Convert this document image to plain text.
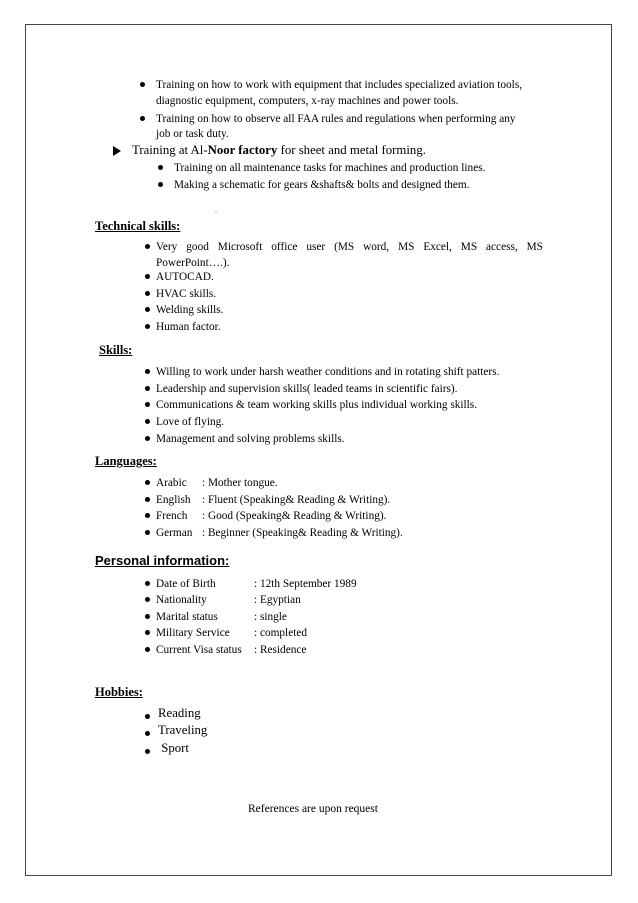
Training on how to work with equipment that includes specialized aviation tools,
diagnostic equipment, computers, x-ray machines and power tools.
Training on how to observe all FAA rules and regulations when performing any
job or task duty.
Training at Al-Noor factory for sheet and metal forming.
Training on all maintenance tasks for machines and production lines.
Making a schematic for gears &shafts& bolts and designed them.
.
Technical skills:
Very good Microsoft office user (MS word, MS Excel, MS access, MS
PowerPoint….).
AUTOCAD.
HVAC skills.
Welding skills.
Human factor.
Skills:
Willing to work under harsh weather conditions and in rotating shift patters.
Leadership and supervision skills( leaded teams in scientific fairs).
Communications & team working skills plus individual working skills.
Love of flying.
Management and solving problems skills.
Languages:
Arabic : Mother tongue.
English : Fluent (Speaking& Reading & Writing).
French : Good (Speaking& Reading & Writing).
German : Beginner (Speaking& Reading & Writing).
Personal information:
Date of Birth	: 12th September 1989
Nationality	: Egyptian
Marital status	: single
Military Service : completed
Current Visa status : Residence
Hobbies:
Reading
Traveling
Sport
References are upon request
